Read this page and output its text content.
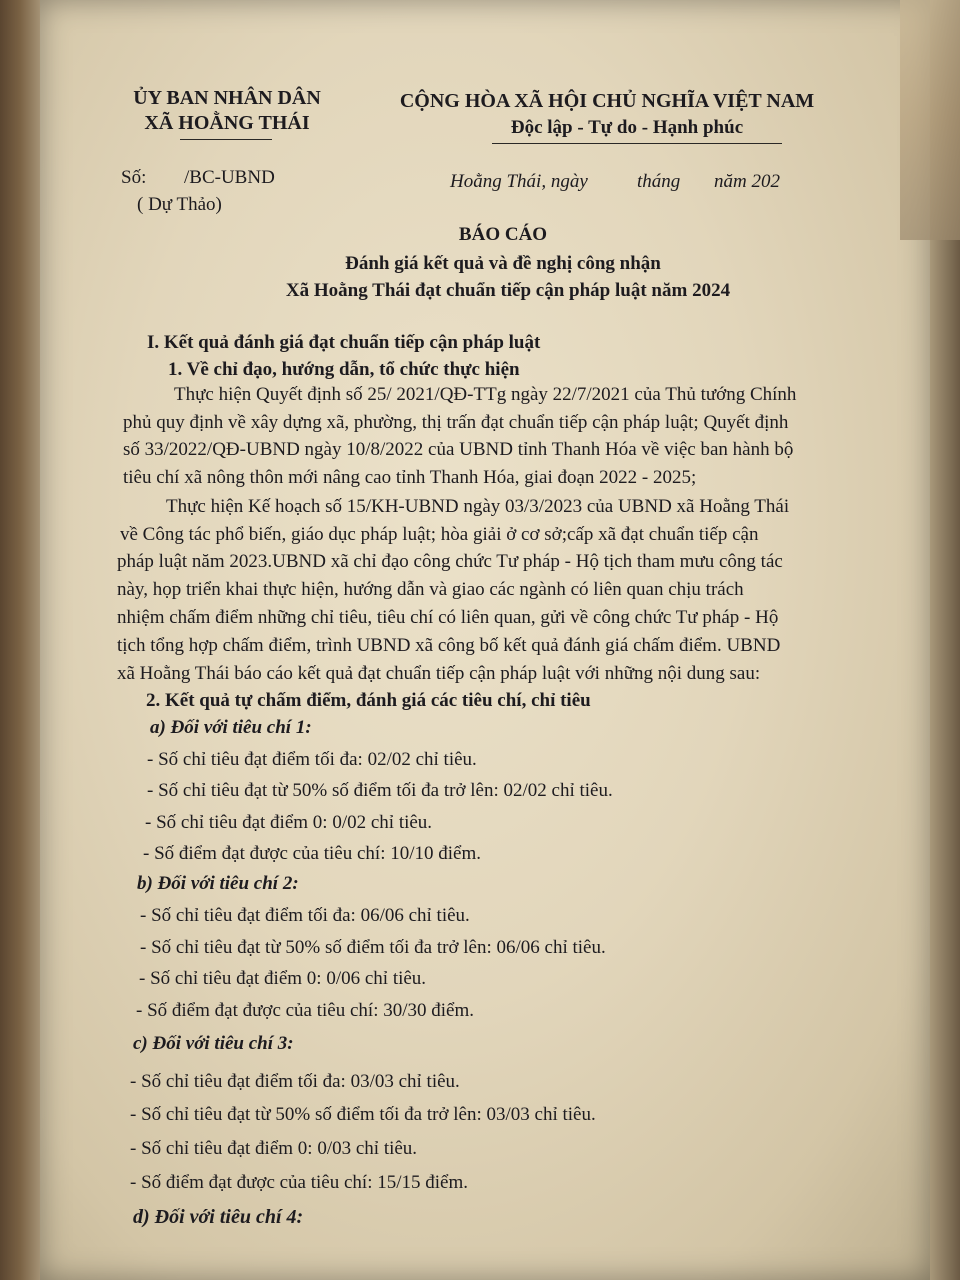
ỦY BAN NHÂN DÂN
XÃ HOẰNG THÁI
CỘNG HÒA XÃ HỘI CHỦ NGHĨA VIỆT NAM
Độc lập - Tự do - Hạnh phúc
Số: /BC-UBND
( Dự Thảo)
Hoằng Thái, ngày	tháng năm 202
BÁO CÁO
Đánh giá kết quả và đề nghị công nhận
Xã Hoằng Thái đạt chuẩn tiếp cận pháp luật năm 2024
I. Kết quả đánh giá đạt chuẩn tiếp cận pháp luật
1. Về chỉ đạo, hướng dẫn, tổ chức thực hiện
Thực hiện Quyết định số 25/ 2021/QĐ-TTg ngày 22/7/2021 của Thủ tướng Chính
phủ quy định về xây dựng xã, phường, thị trấn đạt chuẩn tiếp cận pháp luật; Quyết định
số 33/2022/QĐ-UBND ngày 10/8/2022 của UBND tỉnh Thanh Hóa về việc ban hành bộ
tiêu chí xã nông thôn mới nâng cao tỉnh Thanh Hóa, giai đoạn 2022 - 2025;
Thực hiện Kế hoạch số 15/KH-UBND ngày 03/3/2023 của UBND xã Hoằng Thái
về Công tác phổ biến, giáo dục pháp luật; hòa giải ở cơ sở;cấp xã đạt chuẩn tiếp cận
pháp luật năm 2023.UBND xã chỉ đạo công chức Tư pháp - Hộ tịch tham mưu công tác
này, họp triển khai thực hiện, hướng dẫn và giao các ngành có liên quan chịu trách
nhiệm chấm điểm những chỉ tiêu, tiêu chí có liên quan, gửi về công chức Tư pháp - Hộ
tịch tổng hợp chấm điểm, trình UBND xã công bố kết quả đánh giá chấm điểm. UBND
xã Hoằng Thái báo cáo kết quả đạt chuẩn tiếp cận pháp luật với những nội dung sau:
2. Kết quả tự chấm điểm, đánh giá các tiêu chí, chỉ tiêu
a) Đối với tiêu chí 1:
- Số chỉ tiêu đạt điểm tối đa: 02/02 chỉ tiêu.
- Số chỉ tiêu đạt từ 50% số điểm tối đa trở lên: 02/02 chỉ tiêu.
- Số chỉ tiêu đạt điểm 0: 0/02 chỉ tiêu.
- Số điểm đạt được của tiêu chí: 10/10 điểm.
b) Đối với tiêu chí 2:
- Số chỉ tiêu đạt điểm tối đa: 06/06 chỉ tiêu.
- Số chỉ tiêu đạt từ 50% số điểm tối đa trở lên: 06/06 chỉ tiêu.
- Số chỉ tiêu đạt điểm 0: 0/06 chỉ tiêu.
- Số điểm đạt được của tiêu chí: 30/30 điểm.
c) Đối với tiêu chí 3:
- Số chỉ tiêu đạt điểm tối đa: 03/03 chỉ tiêu.
- Số chỉ tiêu đạt từ 50% số điểm tối đa trở lên: 03/03 chỉ tiêu.
- Số chỉ tiêu đạt điểm 0: 0/03 chỉ tiêu.
- Số điểm đạt được của tiêu chí: 15/15 điểm.
d) Đối với tiêu chí 4:
